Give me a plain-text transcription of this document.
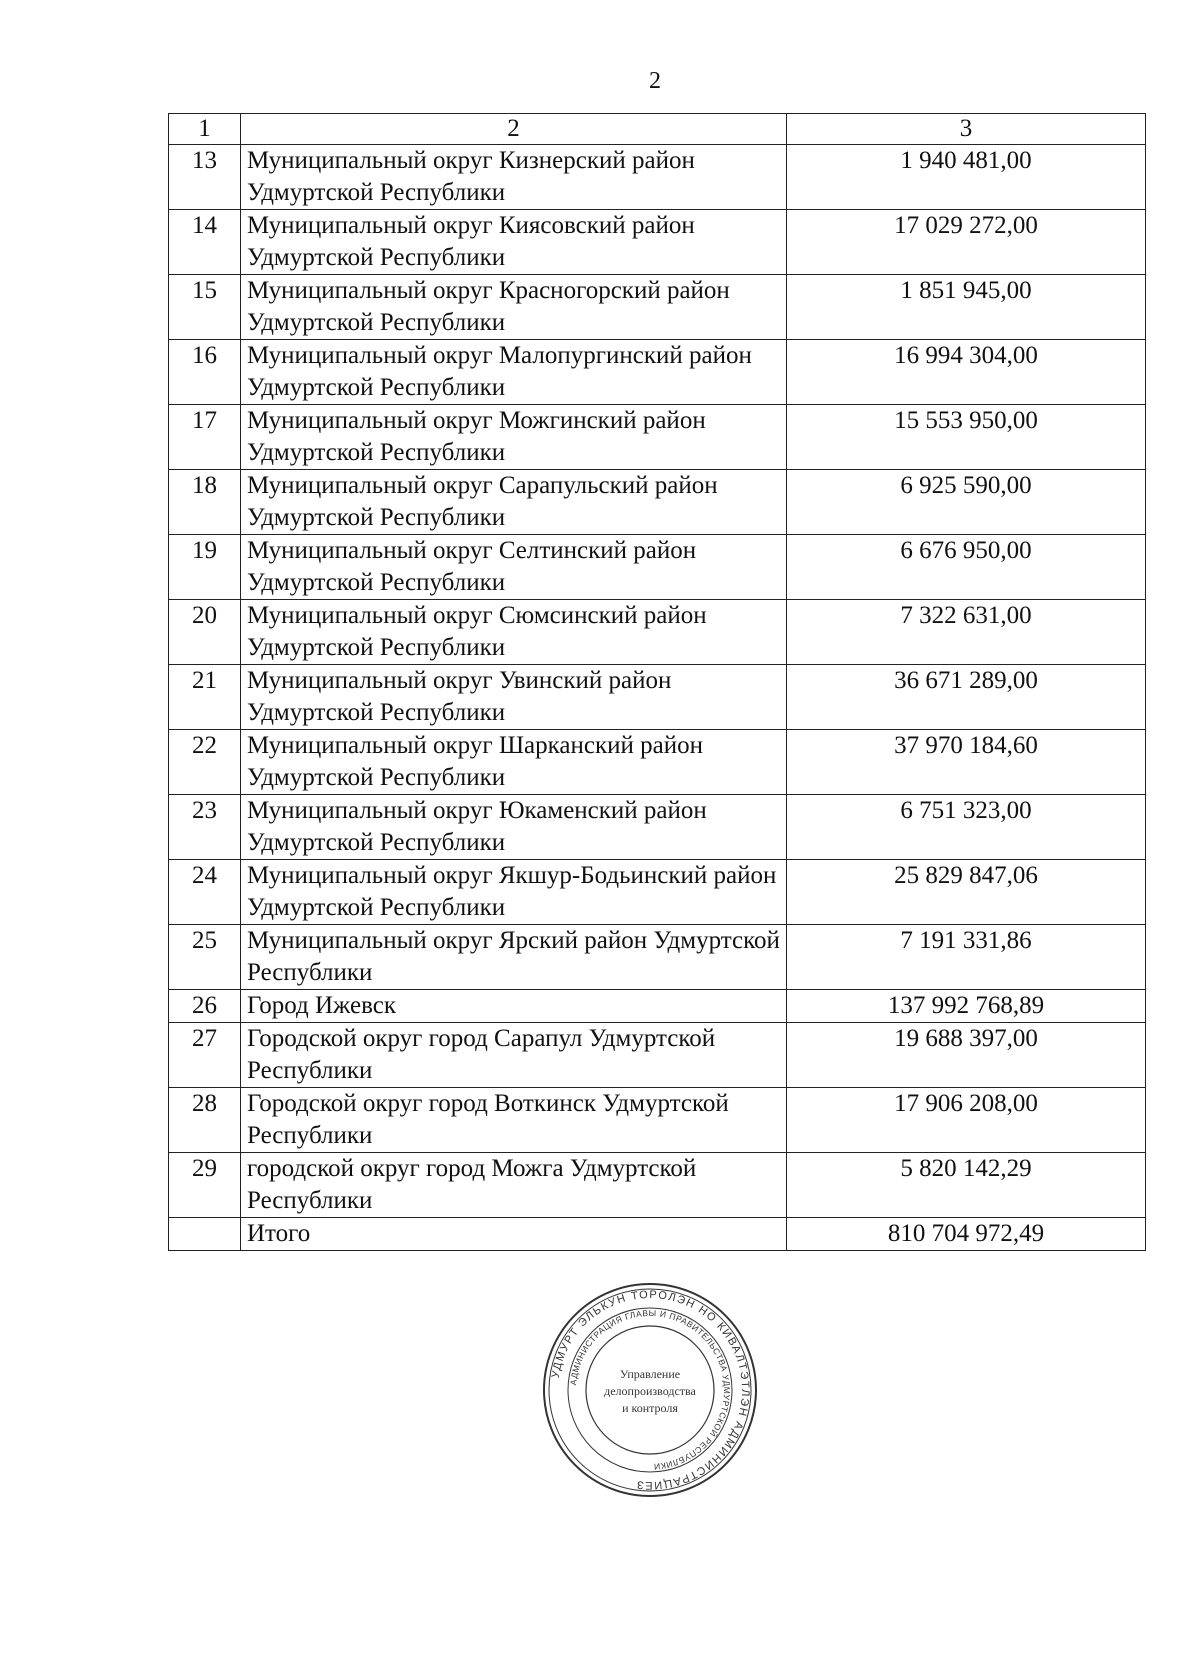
2
1	2	3
13	Муниципальный округ Кизнерский район Удмуртской Республики	1 940 481,00
14	Муниципальный округ Киясовский район Удмуртской Республики	17 029 272,00
15	Муниципальный округ Красногорский район Удмуртской Республики	1 851 945,00
16	Муниципальный округ Малопургинский район Удмуртской Республики	16 994 304,00
17	Муниципальный округ Можгинский район Удмуртской Республики	15 553 950,00
18	Муниципальный округ Сарапульский район Удмуртской Республики	6 925 590,00
19	Муниципальный округ Селтинский район Удмуртской Республики	6 676 950,00
20	Муниципальный округ Сюмсинский район Удмуртской Республики	7 322 631,00
21	Муниципальный округ Увинский район Удмуртской Республики	36 671 289,00
22	Муниципальный округ Шарканский район Удмуртской Республики	37 970 184,60
23	Муниципальный округ Юкаменский район Удмуртской Республики	6 751 323,00
24	Муниципальный округ Якшур-Бодьинский район Удмуртской Республики	25 829 847,06
25	Муниципальный округ Ярский район Удмуртской Республики	7 191 331,86
26	Город Ижевск	137 992 768,89
27	Городской округ город Сарапул Удмуртской Республики	19 688 397,00
28	Городской округ город Воткинск Удмуртской Республики	17 906 208,00
29	городской округ город Можга Удмуртской Республики	5 820 142,29
	Итого	810 704 972,49
УДМУРТ ЭЛЬКУН ТОРОЛЭН НО КИВАЛТЭТЛЭН АДМИНИСТРАЦИЕЗ
АДМИНИСТРАЦИЯ ГЛАВЫ И ПРАВИТЕЛЬСТВА УДМУРТСКОЙ РЕСПУБЛИКИ
Управление
делопроизводства
и контроля
